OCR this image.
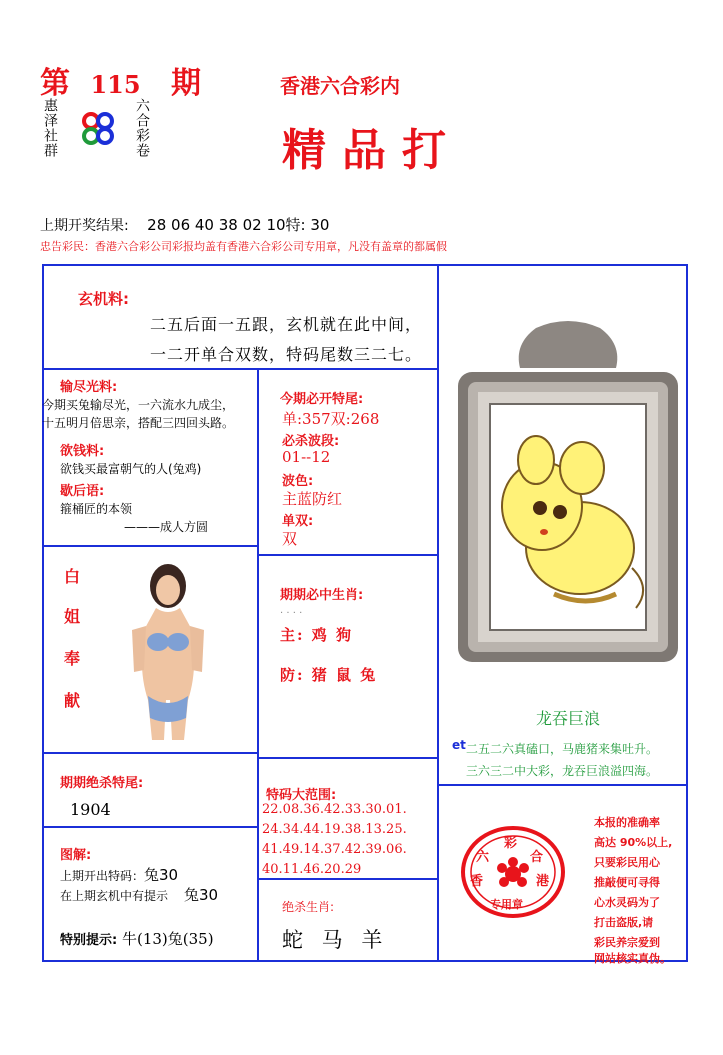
第 115 期
惠泽社群	六合彩卷
香港六合彩内
精品打
上期开奖结果: 28 06 40 38 02 10特: 30
忠告彩民：香港六合彩公司彩报均盖有香港六合彩公司专用章，凡没有盖章的都属假
玄机料:
二五后面一五跟，玄机就在此中间，
一二开单合双数，特码尾数三二七。
输尽光料:
今期买兔输尽光，一六流水九成尘，
十五明月倍思亲，搭配三四回头路。
欲钱料:
欲钱买最富朝气的人(兔鸡)
歇后语:
箍桶匠的本领
———成人方圆
白
姐
奉
献
期期绝杀特尾:
1904
图解:
上期开出特码：兔30
在上期玄机中有提示 兔30
特别提示: 牛(13)兔(35)
今期必开特尾:
单:357双:268
必杀波段:
01--12
波色:
主蓝防红
单双:
双
期期必中生肖:
· · · ·
主: 鸡 狗
防: 猪 鼠 兔
特码大范围:
22.08.36.42.33.30.01.
24.34.44.19.38.13.25.
41.49.14.37.42.39.06.
40.11.46.20.29
绝杀生肖:
蛇 马 羊
龙吞巨浪
et 二五二六真磕口，马鹿猪来集吐升。
三六三二中大彩，龙吞巨浪溢四海。
六
彩
合
香	港
专用章
本报的准确率
高达 90%以上,
只要彩民用心
推敲便可寻得
心水灵码为了
打击盗版,请
彩民养宗爱到
网站核实真伪。
